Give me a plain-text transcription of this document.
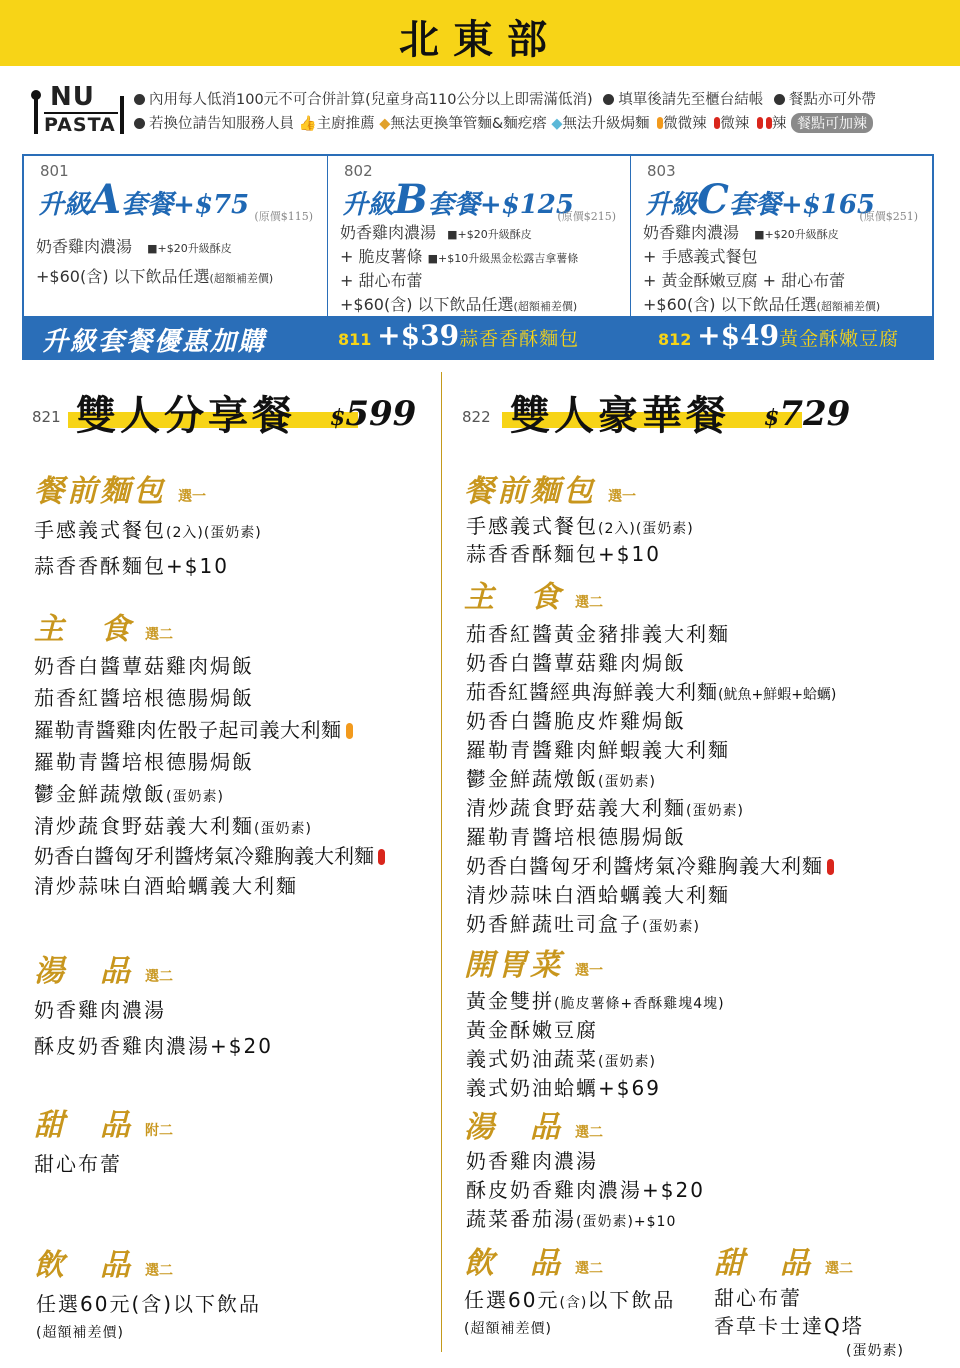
北東部
NU
PASTA
內用每人低消100元不可合併計算(兒童身高110公分以上即需滿低消) 填單後請先至櫃台結帳 餐點亦可外帶
若換位請告知服務人員 👍主廚推薦 ◆無法更換筆管麵&麵疙瘩 ◆無法升級焗麵 微微辣 微辣 辣 餐點可加辣
801
升級A套餐+$75 (原價$115)
奶香雞肉濃湯 ■+$20升級酥皮
+$60(含) 以下飲品任選(超額補差價)
802
升級B套餐+$125
(原價$215)
奶香雞肉濃湯 ■+$20升級酥皮
+ 脆皮薯條 ■+$10升級黑金松露吉拿薯條
+ 甜心布蕾
+$60(含) 以下飲品任選(超額補差價)
803
升級C套餐+$165
(原價$251)
奶香雞肉濃湯 ■+$20升級酥皮
+ 手感義式餐包
+ 黃金酥嫩豆腐 + 甜心布蕾
+$60(含) 以下飲品任選(超額補差價)
升級套餐優惠加購	811 +$39蒜香香酥麵包	812 +$49黃金酥嫩豆腐
821 雙人分享餐 $599	822 雙人豪華餐 $729
餐前麵包 選一
手感義式餐包(2入)(蛋奶素)
蒜香香酥麵包+$10
主　食 選二
奶香白醬蕈菇雞肉焗飯
茄香紅醬培根德腸焗飯
羅勒青醬雞肉佐骰子起司義大利麵
羅勒青醬培根德腸焗飯
鬱金鮮蔬燉飯(蛋奶素)
清炒蔬食野菇義大利麵(蛋奶素)
奶香白醬匈牙利醬烤氣冷雞胸義大利麵
清炒蒜味白酒蛤蠣義大利麵
湯　品 選二
奶香雞肉濃湯
酥皮奶香雞肉濃湯+$20
甜　品 附二
甜心布蕾
飲　品 選二
任選60元(含)以下飲品
(超額補差價)
餐前麵包 選一
手感義式餐包(2入)(蛋奶素)
蒜香香酥麵包+$10
主　食 選二
茄香紅醬黃金豬排義大利麵
奶香白醬蕈菇雞肉焗飯
茄香紅醬經典海鮮義大利麵(魷魚+鮮蝦+蛤蠣)
奶香白醬脆皮炸雞焗飯
羅勒青醬雞肉鮮蝦義大利麵
鬱金鮮蔬燉飯(蛋奶素)
清炒蔬食野菇義大利麵(蛋奶素)
羅勒青醬培根德腸焗飯
奶香白醬匈牙利醬烤氣冷雞胸義大利麵
清炒蒜味白酒蛤蠣義大利麵
奶香鮮蔬吐司盒子(蛋奶素)
開胃菜 選一
黃金雙拼(脆皮薯條+香酥雞塊4塊)
黃金酥嫩豆腐
義式奶油蔬菜(蛋奶素)
義式奶油蛤蠣+$69
湯　品 選二
奶香雞肉濃湯
酥皮奶香雞肉濃湯+$20
蔬菜番茄湯(蛋奶素)+$10
飲　品 選二
任選60元(含)以下飲品
(超額補差價)
甜　品 選二
甜心布蕾
香草卡士達Q塔
(蛋奶素)
